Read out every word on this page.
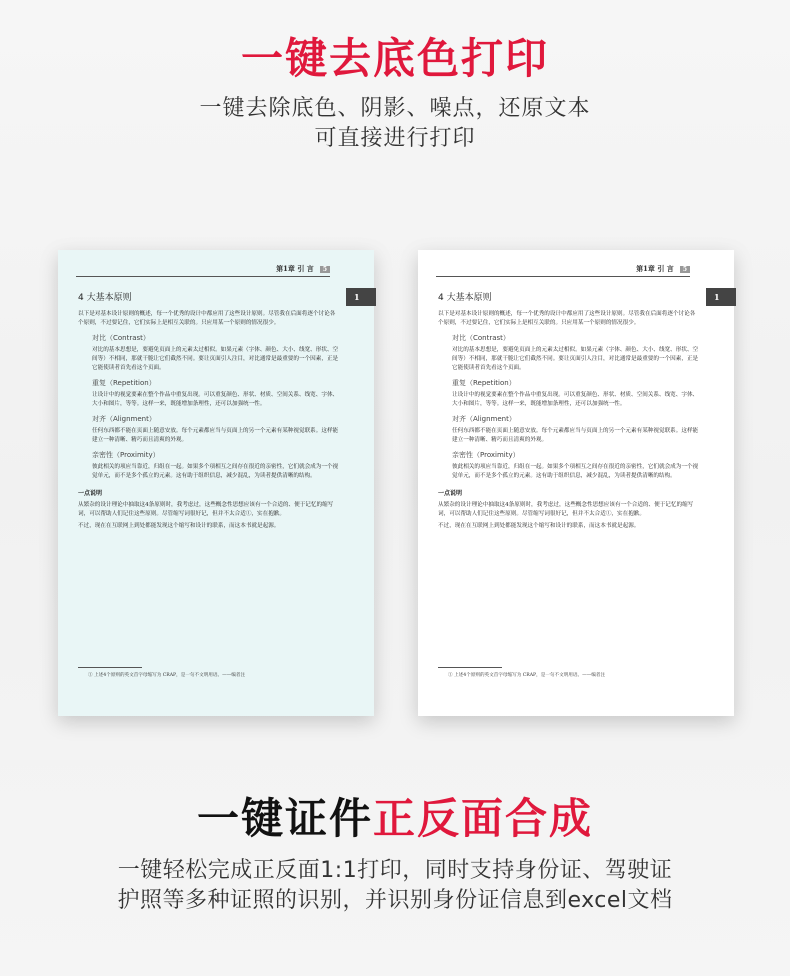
一键去底色打印
一键去除底色、阴影、噪点，还原文本
可直接进行打印
第1章 引 言 5
1
4 大基本原则

以下是对基本设计原则的概述，每一个优秀的设计中都应用了这些设计原则。尽管我在后面将逐个讨论各个原则，不过要记住，它们实际上是相互关联的。只应用某一个原则的情况很少。

对比（Contrast）

对比的基本思想是，要避免页面上的元素太过相似。如果元素（字体、颜色、大小、线宽、形状、空间等）不相同，那就干脆让它们截然不同。要让页面引人注目，对比通常是最重要的一个因素，正是它能使读者首先看这个页面。

重复（Repetition）

让设计中的视觉要素在整个作品中重复出现。可以重复颜色、形状、材质、空间关系、线宽、字体、大小和图片，等等。这样一来，既能增加条理性，还可以加强统一性。

对齐（Alignment）

任何东西都不能在页面上随意安放。每个元素都应当与页面上的另一个元素有某种视觉联系。这样能建立一种清晰、精巧而且清爽的外观。

亲密性（Proximity）

彼此相关的项应当靠近，归组在一起。如果多个项相互之间存在很近的亲密性，它们就会成为一个视觉单元，而不是多个孤立的元素。这有助于组织信息，减少混乱，为读者提供清晰的结构。

一点说明

从繁杂的设计理论中抽取这4条原则时，我考虑过，这些概念性思想应该有一个合适的、便于记忆的缩写词，可以帮助人们记住这些原则。尽管缩写词很好记，但并不太合适①，实在抱歉。

不过，现在在互联网上到处都能发现这个缩写和设计的联系，而这本书就是起源。

① 上述4个原则的英文首字母缩写为 CRAP，是一句不文明用语。——编者注
第1章 引 言 5
1
4 大基本原则

以下是对基本设计原则的概述，每一个优秀的设计中都应用了这些设计原则。尽管我在后面将逐个讨论各个原则，不过要记住，它们实际上是相互关联的。只应用某一个原则的情况很少。

对比（Contrast）

对比的基本思想是，要避免页面上的元素太过相似。如果元素（字体、颜色、大小、线宽、形状、空间等）不相同，那就干脆让它们截然不同。要让页面引人注目，对比通常是最重要的一个因素，正是它能使读者首先看这个页面。

重复（Repetition）

让设计中的视觉要素在整个作品中重复出现。可以重复颜色、形状、材质、空间关系、线宽、字体、大小和图片，等等。这样一来，既能增加条理性，还可以加强统一性。

对齐（Alignment）

任何东西都不能在页面上随意安放。每个元素都应当与页面上的另一个元素有某种视觉联系。这样能建立一种清晰、精巧而且清爽的外观。

亲密性（Proximity）

彼此相关的项应当靠近，归组在一起。如果多个项相互之间存在很近的亲密性，它们就会成为一个视觉单元，而不是多个孤立的元素。这有助于组织信息，减少混乱，为读者提供清晰的结构。

一点说明

从繁杂的设计理论中抽取这4条原则时，我考虑过，这些概念性思想应该有一个合适的、便于记忆的缩写词，可以帮助人们记住这些原则。尽管缩写词很好记，但并不太合适①，实在抱歉。

不过，现在在互联网上到处都能发现这个缩写和设计的联系，而这本书就是起源。

① 上述4个原则的英文首字母缩写为 CRAP，是一句不文明用语。——编者注
一键证件正反面合成
一键轻松完成正反面1:1打印，同时支持身份证、驾驶证
护照等多种证照的识别，并识别身份证信息到excel文档
